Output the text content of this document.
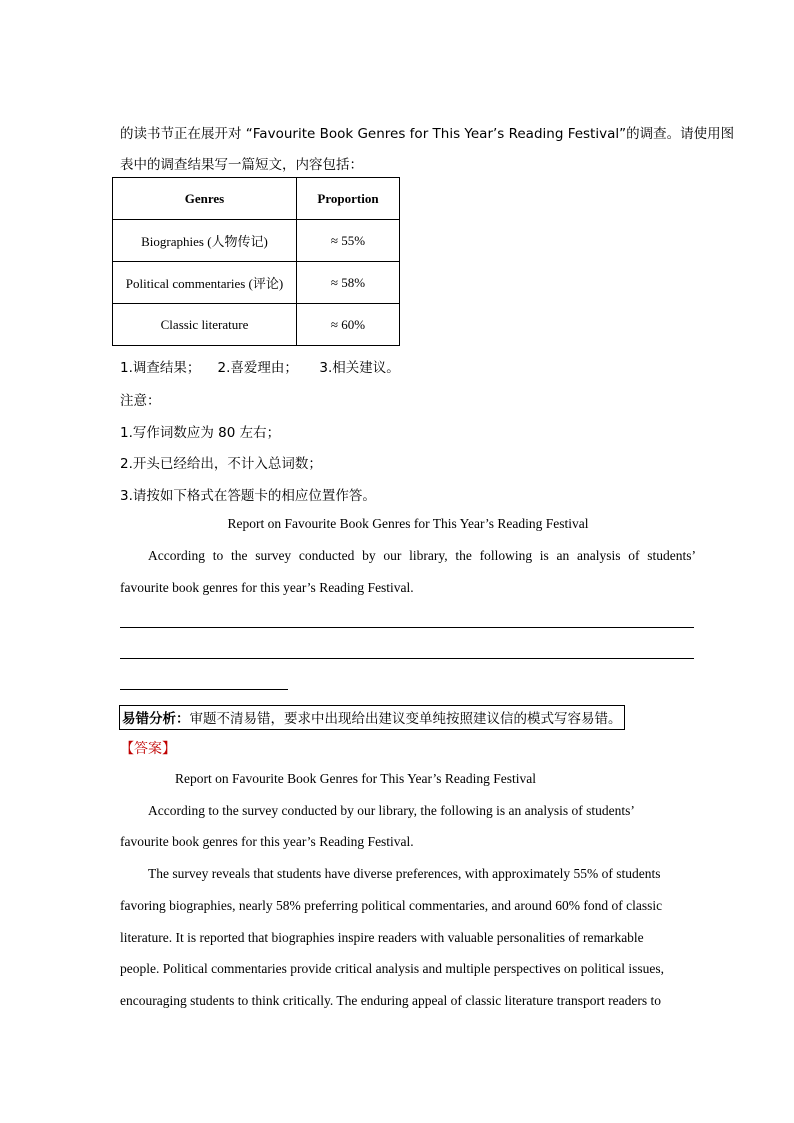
的读书节正在展开对 “Favourite Book Genres for This Year’s Reading Festival”的调查。请使用图
表中的调查结果写一篇短文，内容包括：
Genres	Proportion
Biographies (人物传记)	≈ 55%
Political commentaries (评论)	≈ 58%
Classic literature	≈ 60%
1.调查结果；    2.喜爱理由；     3.相关建议。
注意：
1.写作词数应为 80 左右；
2.开头已经给出，不计入总词数；
3.请按如下格式在答题卡的相应位置作答。
Report on Favourite Book Genres for This Year’s Reading Festival
According to the survey conducted by our library, the following is an analysis of students’
favourite book genres for this year’s Reading Festival.
易错分析：审题不清易错，要求中出现给出建议变单纯按照建议信的模式写容易错。
【答案】
Report on Favourite Book Genres for This Year’s Reading Festival
According to the survey conducted by our library, the following is an analysis of students’
favourite book genres for this year’s Reading Festival.
The survey reveals that students have diverse preferences, with approximately 55% of students
favoring biographies, nearly 58% preferring political commentaries, and around 60% fond of classic
literature. It is reported that biographies inspire readers with valuable personalities of remarkable
people. Political commentaries provide critical analysis and multiple perspectives on political issues,
encouraging students to think critically. The enduring appeal of classic literature transport readers to
